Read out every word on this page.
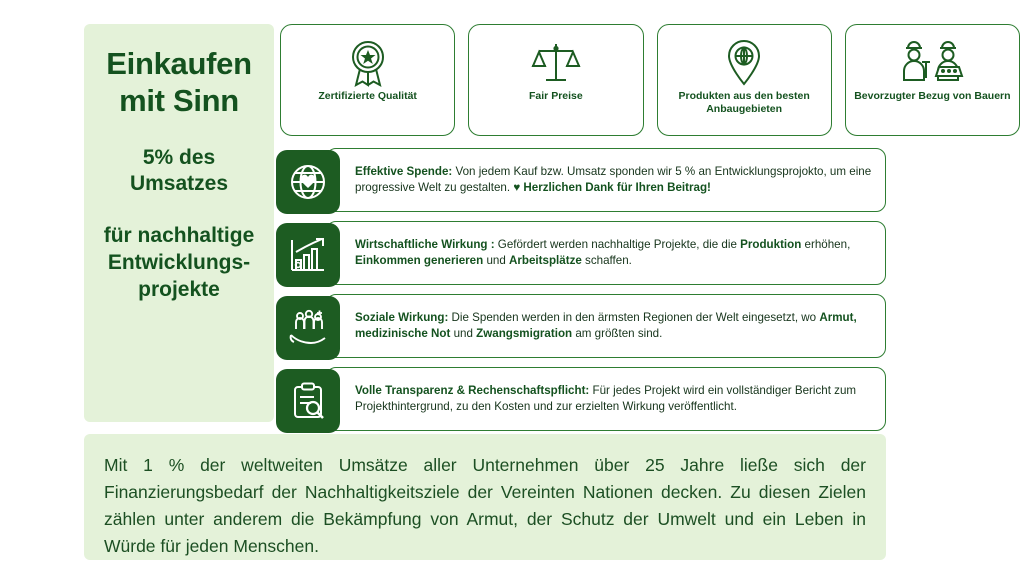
Einkaufen mit Sinn
5% des Umsatzes
für nachhaltige Entwicklungs-projekte
Zertifizierte Qualität	Fair Preise	Produkten aus den besten Anbaugebieten
Bevorzugter Bezug von Bauern
Effektive Spende: Von jedem Kauf bzw. Umsatz sponden wir 5 % an Entwicklungsprojokto, um eine progressive Welt zu gestalten. ♥ Herzlichen Dank für Ihren Beitrag!
Wirtschaftliche Wirkung : Gefördert werden nachhaltige Projekte, die die Produktion erhöhen, Einkommen generieren und Arbeitsplätze schaffen.
Soziale Wirkung: Die Spenden werden in den ärmsten Regionen der Welt eingesetzt, wo Armut, medizinische Not und Zwangsmigration am größten sind.
Volle Transparenz & Rechenschaftspflicht: Für jedes Projekt wird ein vollständiger Bericht zum Projekthintergrund, zu den Kosten und zur erzielten Wirkung veröffentlicht.
Mit 1 % der weltweiten Umsätze aller Unternehmen über 25 Jahre ließe sich der Finanzierungsbedarf der Nachhaltigkeitsziele der Vereinten Nationen decken. Zu diesen Zielen zählen unter anderem die Bekämpfung von Armut, der Schutz der Umwelt und ein Leben in Würde für jeden Menschen.
